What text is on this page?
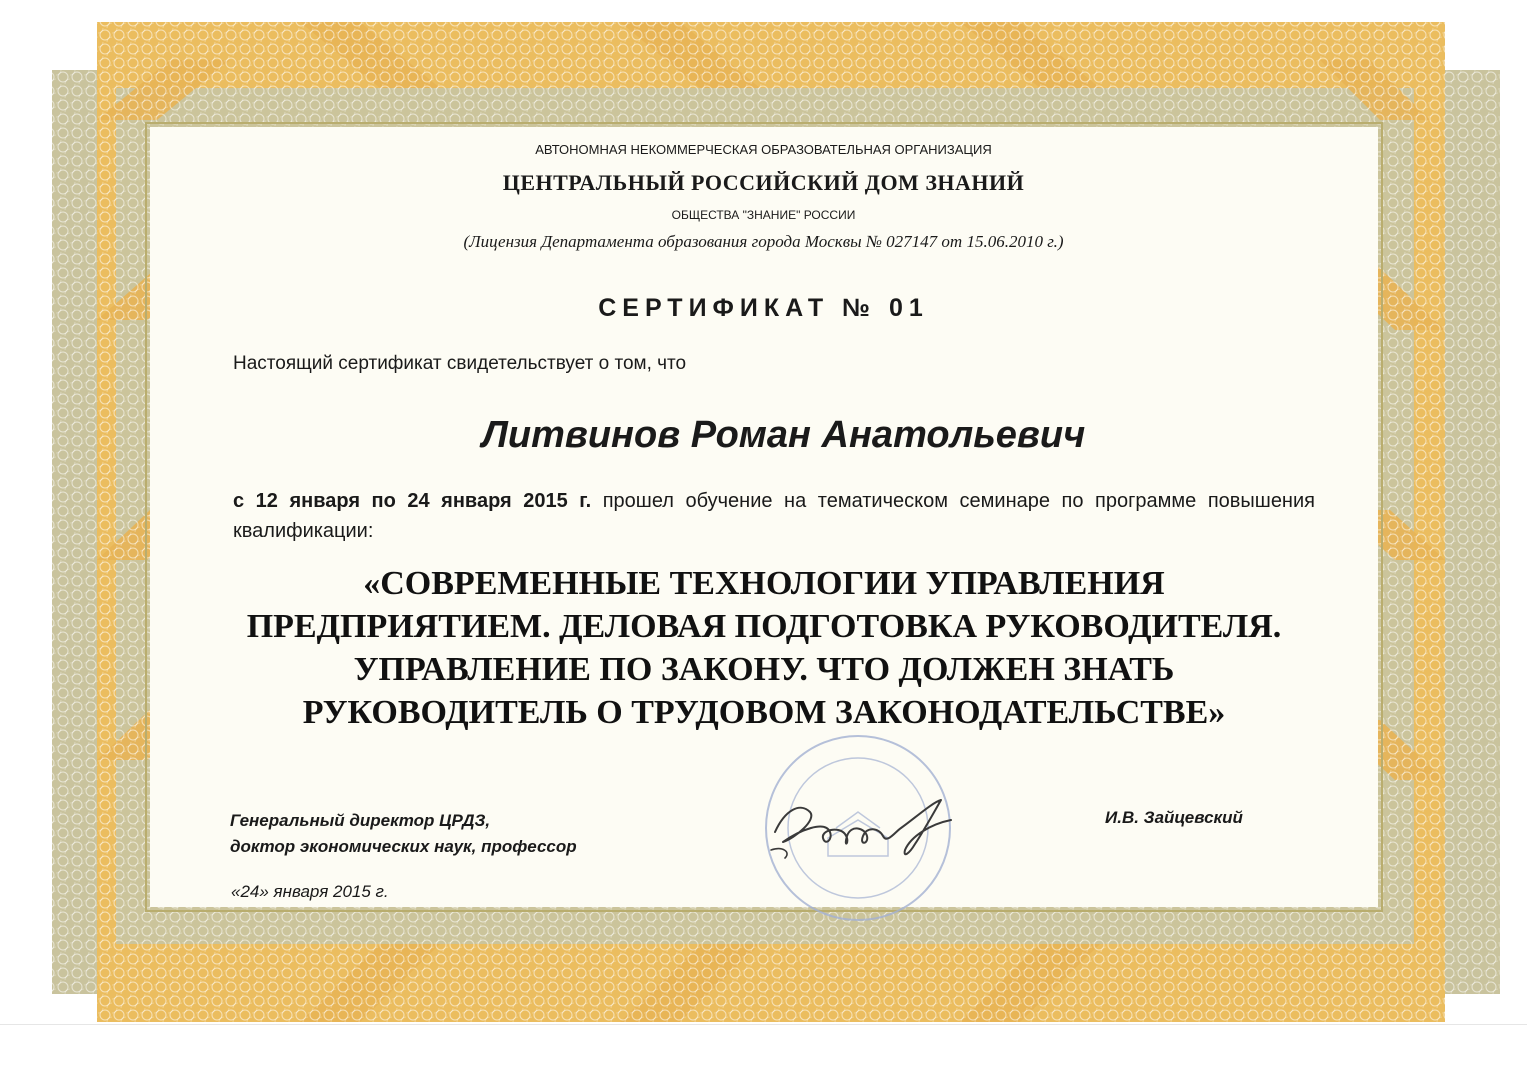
АВТОНОМНАЯ НЕКОММЕРЧЕСКАЯ ОБРАЗОВАТЕЛЬНАЯ ОРГАНИЗАЦИЯ
ЦЕНТРАЛЬНЫЙ РОССИЙСКИЙ ДОМ ЗНАНИЙ
ОБЩЕСТВА "ЗНАНИЕ" РОССИИ
(Лицензия Департамента образования города Москвы № 027147 от 15.06.2010 г.)
СЕРТИФИКАТ № 01
Настоящий сертификат свидетельствует о том, что
Литвинов Роман Анатольевич
с 12 января по 24 января 2015 г. прошел обучение на тематическом семинаре по программе повышения квалификации:
«СОВРЕМЕННЫЕ ТЕХНОЛОГИИ УПРАВЛЕНИЯ
ПРЕДПРИЯТИЕМ. ДЕЛОВАЯ ПОДГОТОВКА РУКОВОДИТЕЛЯ.
УПРАВЛЕНИЕ ПО ЗАКОНУ. ЧТО ДОЛЖЕН ЗНАТЬ
РУКОВОДИТЕЛЬ О ТРУДОВОМ ЗАКОНОДАТЕЛЬСТВЕ»
Генеральный директор ЦРДЗ,
доктор экономических наук, профессор
И.В. Зайцевский
«24» января 2015 г.
